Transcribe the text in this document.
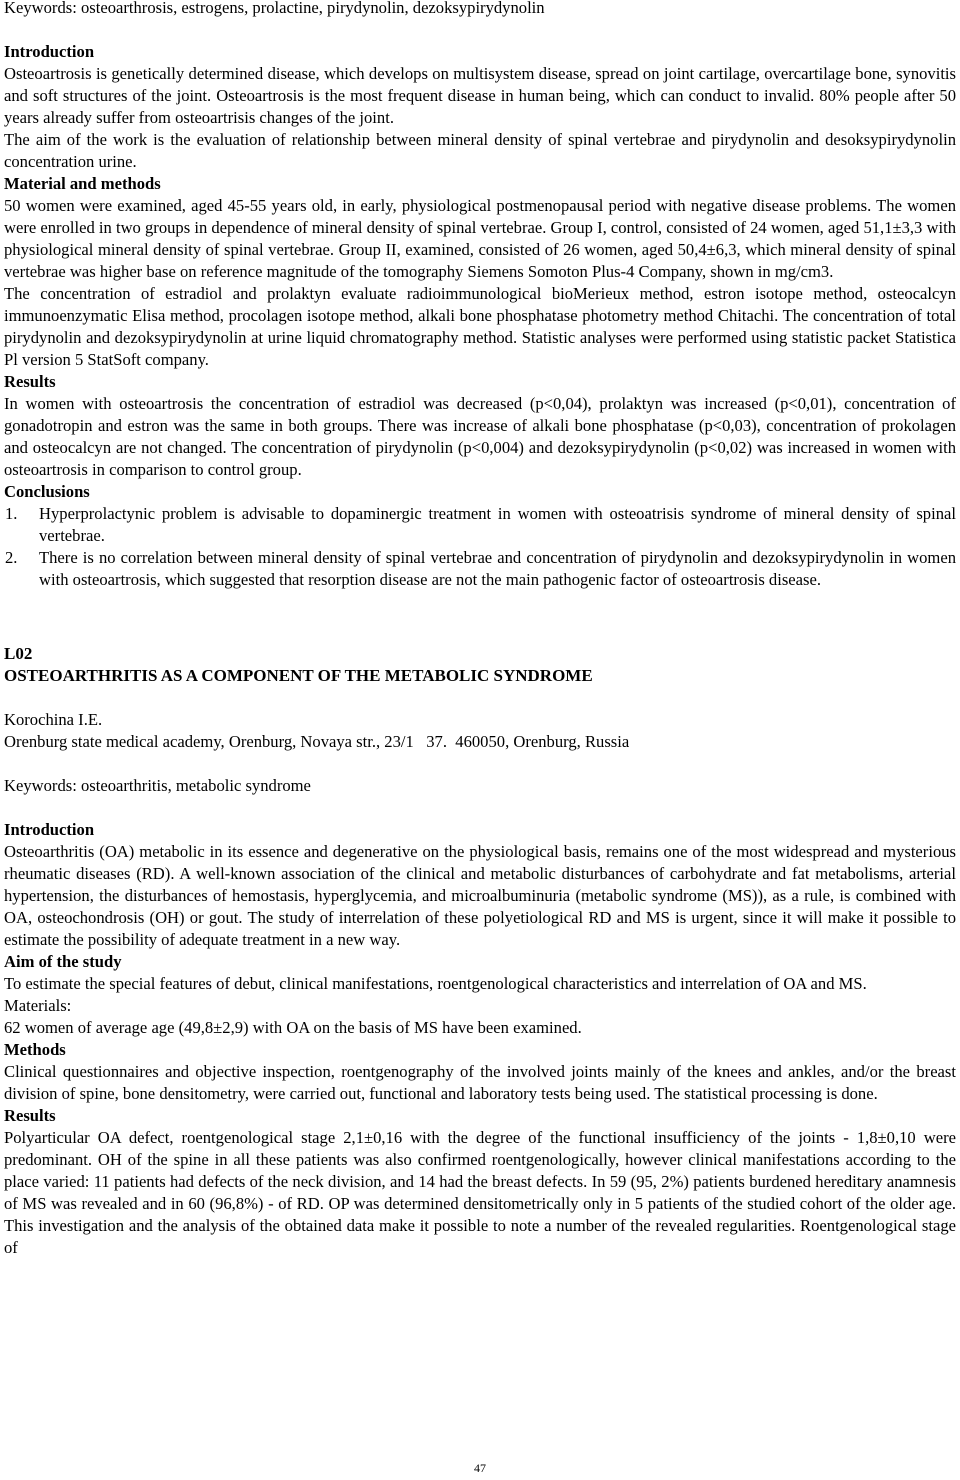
Keywords: osteoarthrosis, estrogens, prolactine, pirydynolin, dezoksypirydynolin

Introduction

Osteoartrosis is genetically determined disease, which develops on multisystem disease, spread on joint cartilage, overcartilage bone, synovitis and soft structures of the joint. Osteoartrosis is the most frequent disease in human being, which can conduct to invalid. 80% people after 50 years already suffer from osteoartrisis changes of the joint.

The aim of the work is the evaluation of relationship between mineral density of spinal vertebrae and pirydynolin and desoksypirydynolin concentration urine.

Material and methods

50 women were examined, aged 45-55 years old, in early, physiological postmenopausal period with negative disease problems. The women were enrolled in two groups in dependence of mineral density of spinal vertebrae. Group I, control, consisted of 24 women, aged 51,1±3,3 with physiological mineral density of spinal vertebrae. Group II, examined, consisted of 26 women, aged 50,4±6,3, which mineral density of spinal vertebrae was higher base on reference magnitude of the tomography Siemens Somoton Plus-4 Company, shown in mg/cm3.

The concentration of estradiol and prolaktyn evaluate radioimmunological bioMerieux method, estron isotope method, osteocalcyn immunoenzymatic Elisa method, procolagen isotope method, alkali bone phosphatase photometry method Chitachi. The concentration of total pirydynolin and dezoksypirydynolin at urine liquid chromatography method. Statistic analyses were performed using statistic packet Statistica Pl version 5 StatSoft company.

Results

In women with osteoartrosis the concentration of estradiol was decreased (p<0,04), prolaktyn was increased (p<0,01), concentration of gonadotropin and estron was the same in both groups. There was increase of alkali bone phosphatase (p<0,03), concentration of prokolagen and osteocalcyn are not changed. The concentration of pirydynolin (p<0,004) and dezoksypirydynolin (p<0,02) was increased in women with osteoartrosis in comparison to control group.

Conclusions
1. Hyperprolactynic problem is advisable to dopaminergic treatment in women with osteoatrisis syndrome of mineral density of spinal vertebrae.
2. There is no correlation between mineral density of spinal vertebrae and concentration of pirydynolin and dezoksypirydynolin in women with osteoartrosis, which suggested that resorption disease are not the main pathogenic factor of osteoartrosis disease.

L02

OSTEOARTHRITIS AS A COMPONENT OF THE METABOLIC SYNDROME

Korochina I.E.

Orenburg state medical academy, Orenburg, Novaya str., 23/1   37.  460050, Orenburg, Russia

Keywords: osteoarthritis, metabolic syndrome

Introduction

Osteoarthritis (OA) metabolic in its essence and degenerative on the physiological basis, remains one of the most widespread and mysterious rheumatic diseases (RD). A well-known association of the clinical and metabolic disturbances of carbohydrate and fat metabolisms, arterial hypertension, the disturbances of hemostasis, hyperglycemia, and microalbuminuria (metabolic syndrome (MS)), as a rule, is combined with OA, osteochondrosis (OH) or gout. The study of interrelation of these polyetiological RD and MS is urgent, since it will make it possible to estimate the possibility of adequate treatment in a new way.

Aim of the study

To estimate the special features of debut, clinical manifestations, roentgenological characteristics and interrelation of OA and MS.

Materials:

62 women of average age (49,8±2,9) with OA on the basis of MS have been examined.

Methods

Clinical questionnaires and objective inspection, roentgenography of the involved joints mainly of the knees and ankles, and/or the breast division of spine, bone densitometry, were carried out, functional and laboratory tests being used. The statistical processing is done.

Results

Polyarticular OA defect, roentgenological stage 2,1±0,16 with the degree of the functional insufficiency of the joints - 1,8±0,10 were predominant. OH of the spine in all these patients was also confirmed roentgenologically, however clinical manifestations according to the place varied: 11 patients had defects of the neck division, and 14 had the breast defects. In 59 (95, 2%) patients burdened hereditary anamnesis of MS was revealed and in 60 (96,8%) - of RD. OP was determined densitometrically only in 5 patients of the studied cohort of the older age. This investigation and the analysis of the obtained data make it possible to note a number of the revealed regularities. Roentgenological stage of

47
